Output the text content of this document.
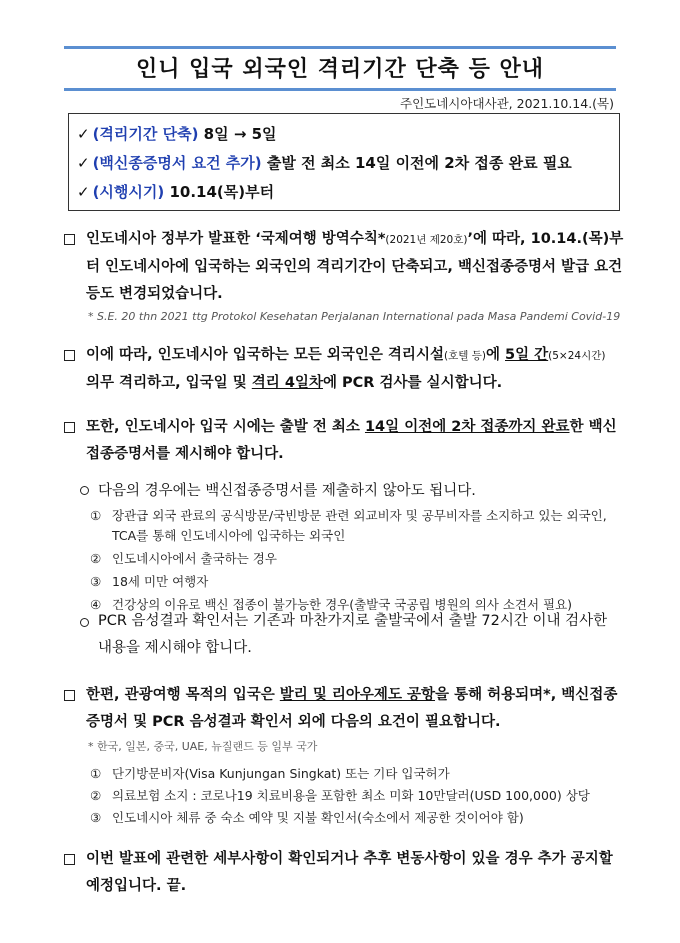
인니 입국 외국인 격리기간 단축 등 안내
주인도네시아대사관, 2021.10.14.(목)
✓ (격리기간 단축) 8일 → 5일
✓ (백신종증명서 요건 추가) 출발 전 최소 14일 이전에 2차 접종 완료 필요
✓ (시행시기) 10.14(목)부터
인도네시아 정부가 발표한 ‘국제여행 방역수칙*(2021년 제20호)’에 따라, 10.14.(목)부터 인도네시아에 입국하는 외국인의 격리기간이 단축되고, 백신접종증명서 발급 요건 등도 변경되었습니다.
* S.E. 20 thn 2021 ttg Protokol Kesehatan Perjalanan International pada Masa Pandemi Covid-19
이에 따라, 인도네시아 입국하는 모든 외국인은 격리시설(호텔 등)에 5일 간(5×24시간) 의무 격리하고, 입국일 및 격리 4일차에 PCR 검사를 실시합니다.
또한, 인도네시아 입국 시에는 출발 전 최소 14일 이전에 2차 접종까지 완료한 백신접종증명서를 제시해야 합니다.
다음의 경우에는 백신접종증명서를 제출하지 않아도 됩니다.
① 장관급 외국 관료의 공식방문/국빈방문 관련 외교비자 및 공무비자를 소지하고 있는 외국인, TCA를 통해 인도네시아에 입국하는 외국인
② 인도네시아에서 출국하는 경우
③ 18세 미만 여행자
④ 건강상의 이유로 백신 접종이 불가능한 경우(출발국 국공립 병원의 의사 소견서 필요)
PCR 음성결과 확인서는 기존과 마찬가지로 출발국에서 출발 72시간 이내 검사한 내용을 제시해야 합니다.
한편, 관광여행 목적의 입국은 발리 및 리아우제도 공항을 통해 허용되며*, 백신접종증명서 및 PCR 음성결과 확인서 외에 다음의 요건이 필요합니다.
* 한국, 일본, 중국, UAE, 뉴질랜드 등 일부 국가
① 단기방문비자(Visa Kunjungan Singkat) 또는 기타 입국허가
② 의료보험 소지 : 코로나19 치료비용을 포함한 최소 미화 10만달러(USD 100,000) 상당
③ 인도네시아 체류 중 숙소 예약 및 지불 확인서(숙소에서 제공한 것이어야 함)
이번 발표에 관련한 세부사항이 확인되거나 추후 변동사항이 있을 경우 추가 공지할 예정입니다. 끝.
